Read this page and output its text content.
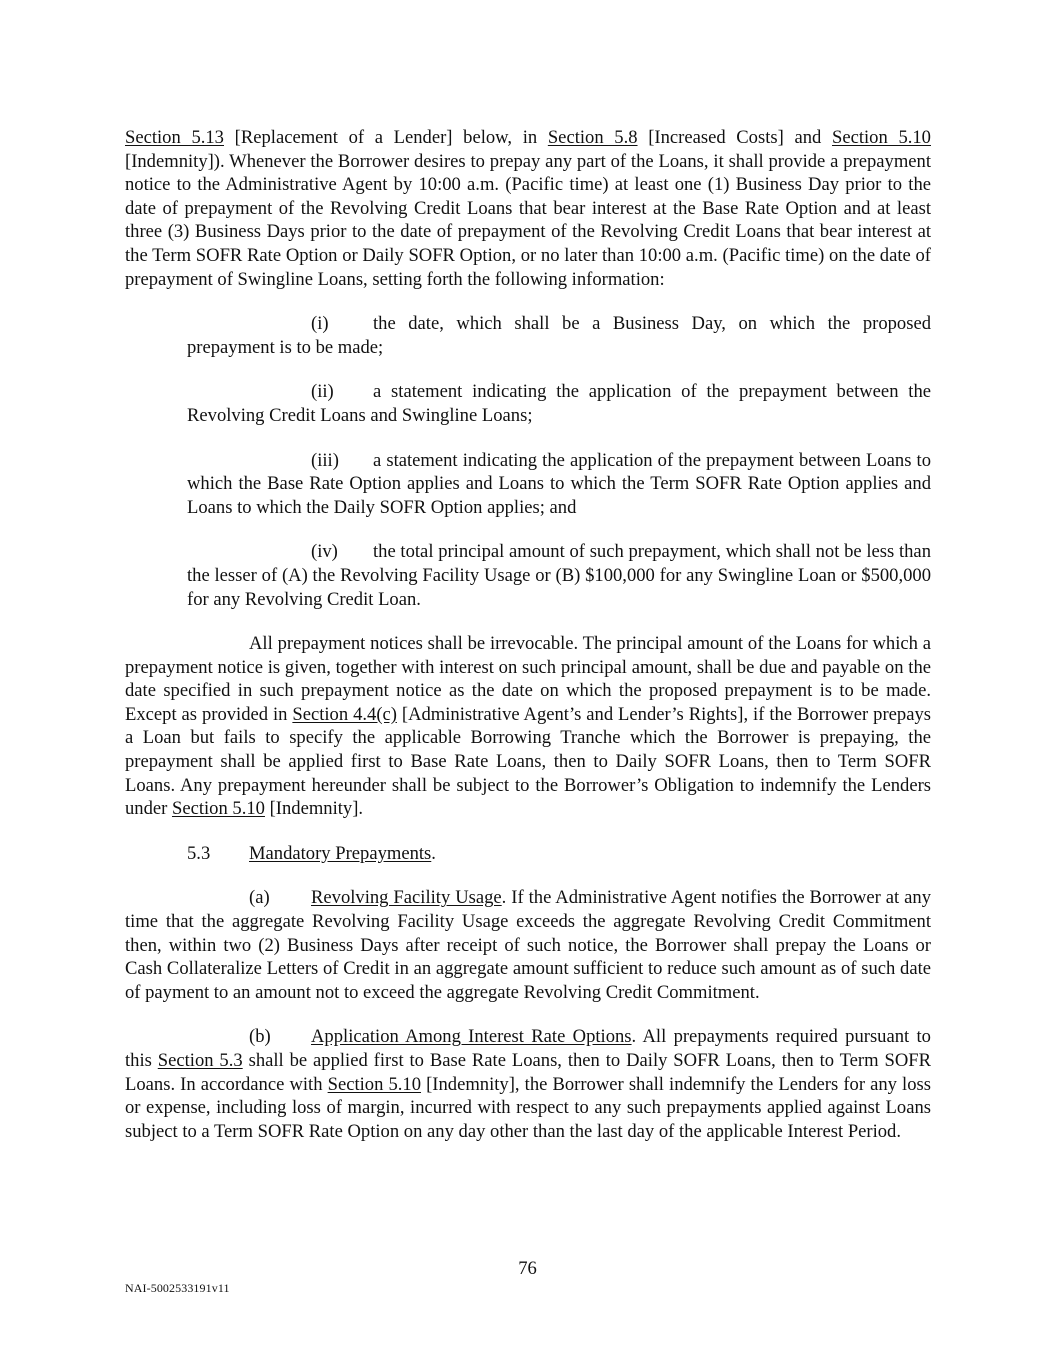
Section 5.13 [Replacement of a Lender] below, in Section 5.8 [Increased Costs] and Section 5.10 [Indemnity]). Whenever the Borrower desires to prepay any part of the Loans, it shall provide a prepayment notice to the Administrative Agent by 10:00 a.m. (Pacific time) at least one (1) Business Day prior to the date of prepayment of the Revolving Credit Loans that bear interest at the Base Rate Option and at least three (3) Business Days prior to the date of prepayment of the Revolving Credit Loans that bear interest at the Term SOFR Rate Option or Daily SOFR Option, or no later than 10:00 a.m. (Pacific time) on the date of prepayment of Swingline Loans, setting forth the following information:

(i) the date, which shall be a Business Day, on which the proposed prepayment is to be made;

(ii) a statement indicating the application of the prepayment between the Revolving Credit Loans and Swingline Loans;

(iii) a statement indicating the application of the prepayment between Loans to which the Base Rate Option applies and Loans to which the Term SOFR Rate Option applies and Loans to which the Daily SOFR Option applies; and

(iv) the total principal amount of such prepayment, which shall not be less than the lesser of (A) the Revolving Facility Usage or (B) $100,000 for any Swingline Loan or $500,000 for any Revolving Credit Loan.

All prepayment notices shall be irrevocable. The principal amount of the Loans for which a prepayment notice is given, together with interest on such principal amount, shall be due and payable on the date specified in such prepayment notice as the date on which the proposed prepayment is to be made. Except as provided in Section 4.4(c) [Administrative Agent’s and Lender’s Rights], if the Borrower prepays a Loan but fails to specify the applicable Borrowing Tranche which the Borrower is prepaying, the prepayment shall be applied first to Base Rate Loans, then to Daily SOFR Loans, then to Term SOFR Loans. Any prepayment hereunder shall be subject to the Borrower’s Obligation to indemnify the Lenders under Section 5.10 [Indemnity].

5.3 Mandatory Prepayments.

(a) Revolving Facility Usage. If the Administrative Agent notifies the Borrower at any time that the aggregate Revolving Facility Usage exceeds the aggregate Revolving Credit Commitment then, within two (2) Business Days after receipt of such notice, the Borrower shall prepay the Loans or Cash Collateralize Letters of Credit in an aggregate amount sufficient to reduce such amount as of such date of payment to an amount not to exceed the aggregate Revolving Credit Commitment.

(b) Application Among Interest Rate Options. All prepayments required pursuant to this Section 5.3 shall be applied first to Base Rate Loans, then to Daily SOFR Loans, then to Term SOFR Loans. In accordance with Section 5.10 [Indemnity], the Borrower shall indemnify the Lenders for any loss or expense, including loss of margin, incurred with respect to any such prepayments applied against Loans subject to a Term SOFR Rate Option on any day other than the last day of the applicable Interest Period.

76
NAI-5002533191v11
